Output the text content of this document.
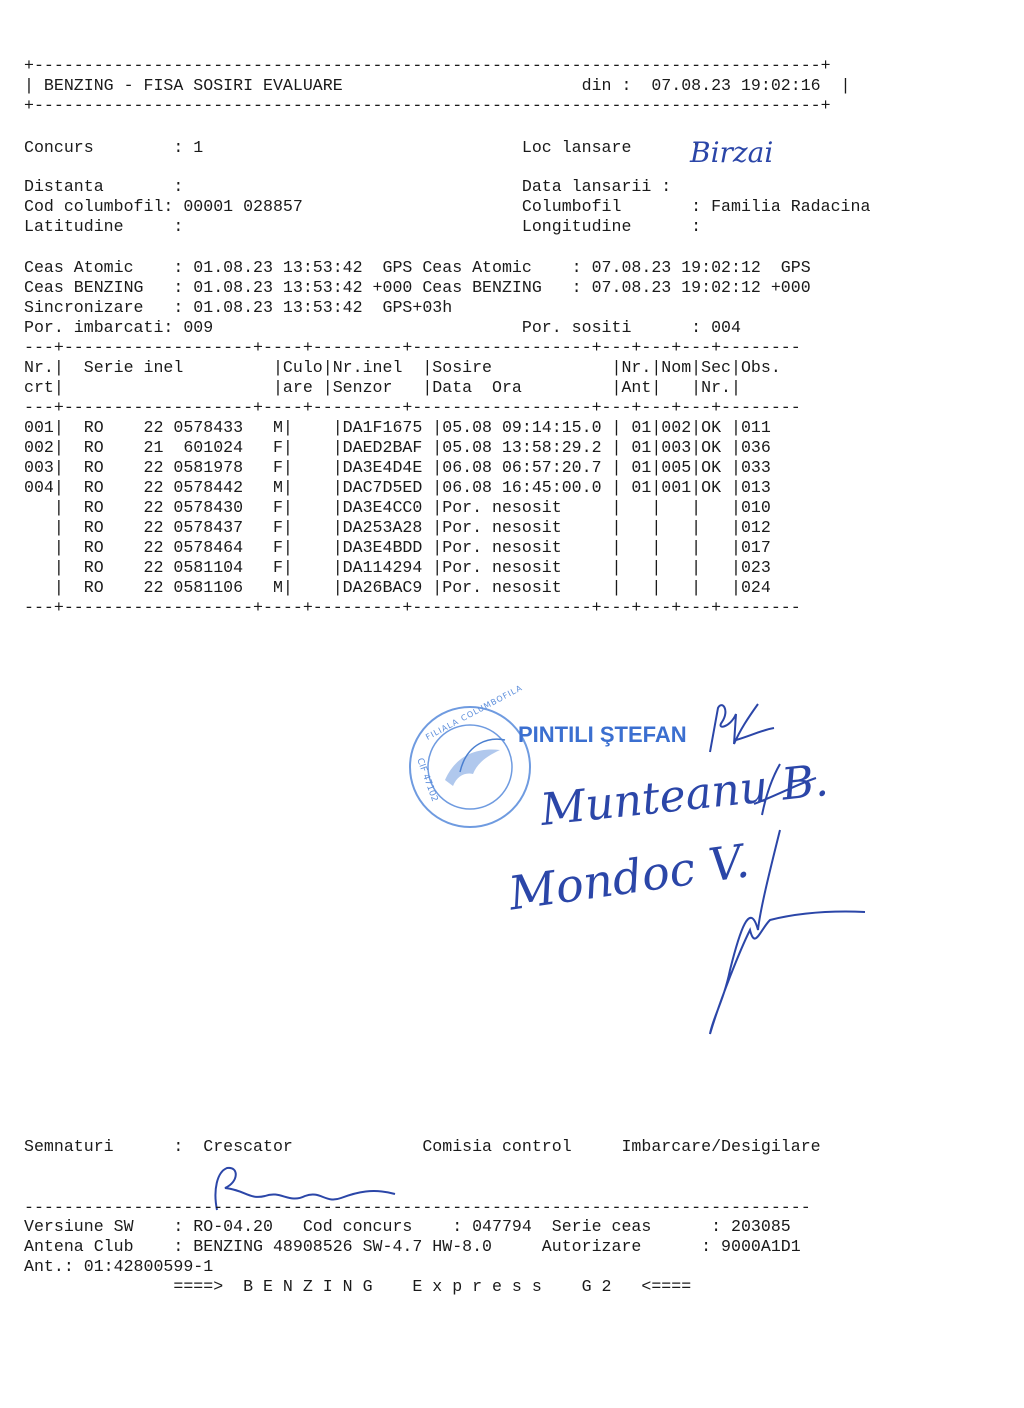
+-------------------------------------------------------------------------------+
| BENZING - FISA SOSIRI EVALUARE                        din :  07.08.23 19:02:16  |
+-------------------------------------------------------------------------------+
Concurs        : 1                                Loc lansare      :
Birzai
Distanta       :                                  Data lansarii :
Cod columbofil: 00001 028857                      Columbofil       : Familia Radacina
Latitudine     :                                  Longitudine      :
Ceas Atomic    : 01.08.23 13:53:42  GPS Ceas Atomic    : 07.08.23 19:02:12  GPS
Ceas BENZING   : 01.08.23 13:53:42 +000 Ceas BENZING   : 07.08.23 19:02:12 +000
Sincronizare   : 01.08.23 13:53:42  GPS+03h
Por. imbarcati: 009                               Por. sositi      : 004
---+-------------------+----+---------+------------------+---+---+---+--------
Nr.|  Serie inel         |Culo|Nr.inel  |Sosire            |Nr.|Nom|Sec|Obs.
crt|                     |are |Senzor   |Data  Ora         |Ant|   |Nr.|
---+-------------------+----+---------+------------------+---+---+---+--------
001|  RO    22 0578433   M|    |DA1F1675 |05.08 09:14:15.0 | 01|002|OK |011
002|  RO    21  601024   F|    |DAED2BAF |05.08 13:58:29.2 | 01|003|OK |036
003|  RO    22 0581978   F|    |DA3E4D4E |06.08 06:57:20.7 | 01|005|OK |033
004|  RO    22 0578442   M|    |DAC7D5ED |06.08 16:45:00.0 | 01|001|OK |013
|  RO    22 0578430   F|    |DA3E4CC0 |Por. nesosit     |   |   |   |010
|  RO    22 0578437   F|    |DA253A28 |Por. nesosit     |   |   |   |012
|  RO    22 0578464   F|    |DA3E4BDD |Por. nesosit     |   |   |   |017
|  RO    22 0581104   F|    |DA114294 |Por. nesosit     |   |   |   |023
|  RO    22 0581106   M|    |DA26BAC9 |Por. nesosit     |   |   |   |024
---+-------------------+----+---------+------------------+---+---+---+--------
FILIALA COLUMBOFILA
CIF 47102
PINTILI ŞTEFAN
Munteanu B.
Mondoc V.
Semnaturi      :  Crescator             Comisia control     Imbarcare/Desigilare
-------------------------------------------------------------------------------
Versiune SW    : RO-04.20   Cod concurs    : 047794  Serie ceas      : 203085
Antena Club    : BENZING 48908526 SW-4.7 HW-8.0     Autorizare      : 9000A1D1
Ant.: 01:42800599-1
====>  B E N Z I N G    E x p r e s s    G 2   <====
